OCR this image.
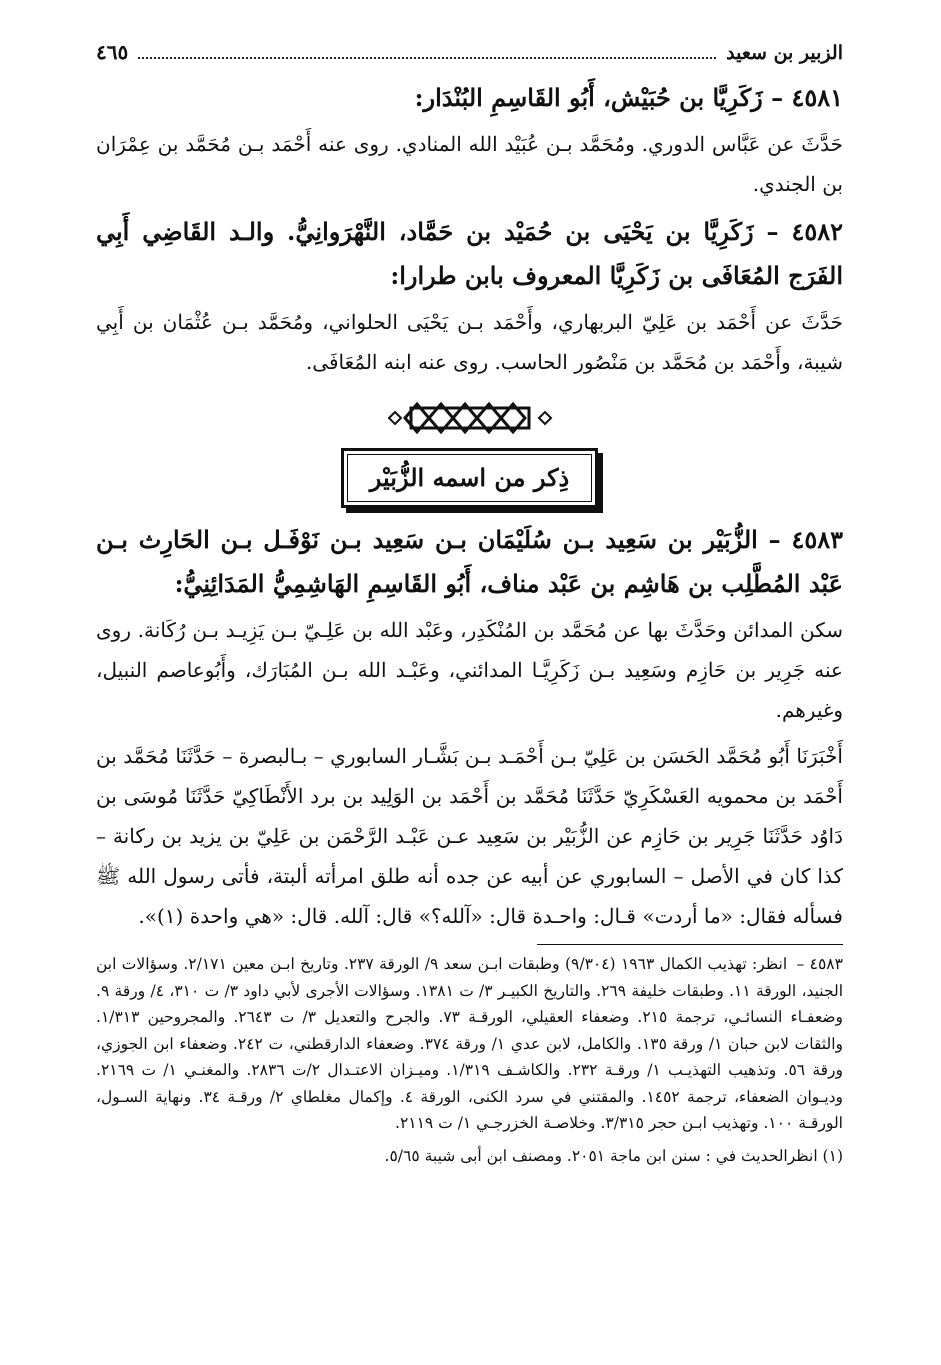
الزبير بن سعيد
٤٦٥
٤٥٨١ – زَكَرِيَّا بن حُبَيْش، أَبُو القَاسِمِ البُنْدَار:

حَدَّثَ عن عَبَّاس الدوري. ومُحَمَّد بـن عُبَيْد الله المنادي. روى عنه أَحْمَد بـن مُحَمَّد بن عِمْرَان بن الجندي.

٤٥٨٢ – زَكَرِيَّا بن يَحْيَى بن حُمَيْد بن حَمَّاد، النَّهْرَوانِيُّ. والـد القَاضِي أَبِي الفَرَج المُعَافَى بن زَكَرِيَّا المعروف بابن طرارا:

حَدَّثَ عن أَحْمَد بن عَلِيّ البربهاري، وأَحْمَد بـن يَحْيَى الحلواني، ومُحَمَّد بـن عُثْمَان بن أَبِي شيبة، وأَحْمَد بن مُحَمَّد بن مَنْصُور الحاسب. روى عنه ابنه المُعَافَى.

ذِكر من اسمه الزُّبَيْر
٤٥٨٣ – الزُّبَيْر بن سَعِيد بـن سُلَيْمَان بـن سَعِيد بـن نَوْفَـل بـن الحَارِث بـن عَبْد المُطَّلِب بن هَاشِم بن عَبْد مناف، أَبُو القَاسِمِ الهَاشِمِيُّ المَدَائِنِيُّ:

سكن المدائن وحَدَّثَ بها عن مُحَمَّد بن المُنْكَدِر، وعَبْد الله بن عَلِـيّ بـن يَزِيـد بـن رُكَانة. روى عنه جَرِير بن حَازِم وسَعِيد بـن زَكَرِيَّـا المدائني، وعَبْـد الله بـن المُبَارَك، وأَبُوعاصم النبيل، وغيرهم.

أَخْبَرَنَا أَبُو مُحَمَّد الحَسَن بن عَلِيّ بـن أَحْمَـد بـن بَشَّـار السابوري – بـالبصرة – حَدَّثَنَا مُحَمَّد بن أَحْمَد بن محمويه العَسْكَرِيّ حَدَّثَنَا مُحَمَّد بن أَحْمَد بن الوَلِيد بن برد الأَنْطَاكِيّ حَدَّثَنَا مُوسَى بن دَاوُد حَدَّثَنَا جَرِير بن حَازِم عن الزُّبَيْر بن سَعِيد عـن عَبْـد الرَّحْمَن بن عَلِيّ بن يزيد بن ركانة – كذا كان في الأصل – السابوري عن أبيه عن جده أنه طلق امرأته ألبتة، فأتى رسول الله ﷺ فسأله فقال: «ما أردت» قـال: واحـدة قال: «آلله؟» قال: آلله. قال: «هي واحدة (١)».

٤٥٨٣ – انظر: تهذيب الكمال ١٩٦٣ (٩/٣٠٤) وطبقات ابـن سعد ٩/ الورقة ٢٣٧. وتاريخ ابـن معين ٢/١٧١. وسؤالات ابن الجنيد، الورقة ١١. وطبقات خليفة ٢٦٩. والتاريخ الكبيـر ٣/ ت ١٣٨١. وسؤالات الأجرى لأبي داود ٣/ ت ٣١٠، ٤/ ورقة ٩. وضعفـاء النسائـي، ترجمة ٢١٥. وضعفاء العقيلي، الورقـة ٧٣. والجرح والتعديل ٣/ ت ٢٦٤٣. والمجروحين ١/٣١٣. والثقات لابن حبان ١/ ورقة ١٣٥. والكامل، لابن عدي ١/ ورقة ٣٧٤. وضعفاء الدارقطني، ت ٢٤٢. وضعفاء ابن الجوزي، ورقة ٥٦. وتذهيب التهذيـب ١/ ورقـة ٢٣٢. والكاشـف ١/٣١٩. وميـزان الاعتـدال ٢/ت ٢٨٣٦. والمغنـي ١/ ت ٢١٦٩. وديـوان الضعفاء، ترجمة ١٤٥٢. والمقتني في سرد الكنى، الورقة ٤. وإكمال مغلطاي ٢/ ورقـة ٣٤. ونهاية السـول، الورقـة ١٠٠. وتهذيب ابـن حجر ٣/٣١٥. وخلاصـة الخزرجـي ١/ ت ٢١١٩.

(١) انظرالحديث في : سنن ابن ماجة ٢٠٥١. ومصنف ابن أبى شيبة ٥/٦٥.
